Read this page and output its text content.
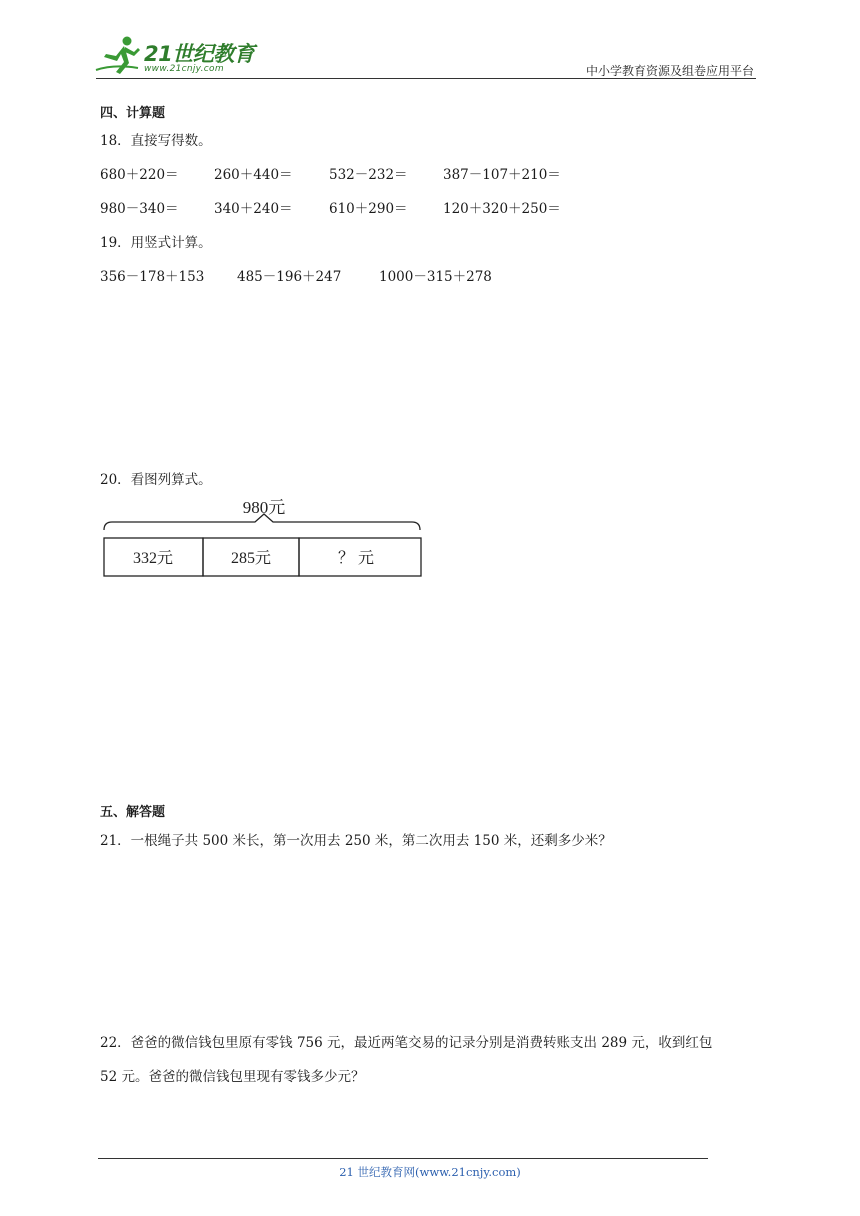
21世纪教育
www.21cnjy.com	中小学教育资源及组卷应用平台
四、计算题
18．直接写得数。
680＋220＝	260＋440＝	532－232＝	387－107＋210＝
980－340＝	340＋240＝	610＋290＝	120＋320＋250＝
19．用竖式计算。
356－178＋153 485－196＋247	1000－315＋278
20．看图列算式。
980元
332元	285元	？ 元
五、解答题
21．一根绳子共 500 米长，第一次用去 250 米，第二次用去 150 米，还剩多少米？
22．爸爸的微信钱包里原有零钱 756 元，最近两笔交易的记录分别是消费转账支出 289 元，收到红包
52 元。爸爸的微信钱包里现有零钱多少元？
21 世纪教育网(www.21cnjy.com)
